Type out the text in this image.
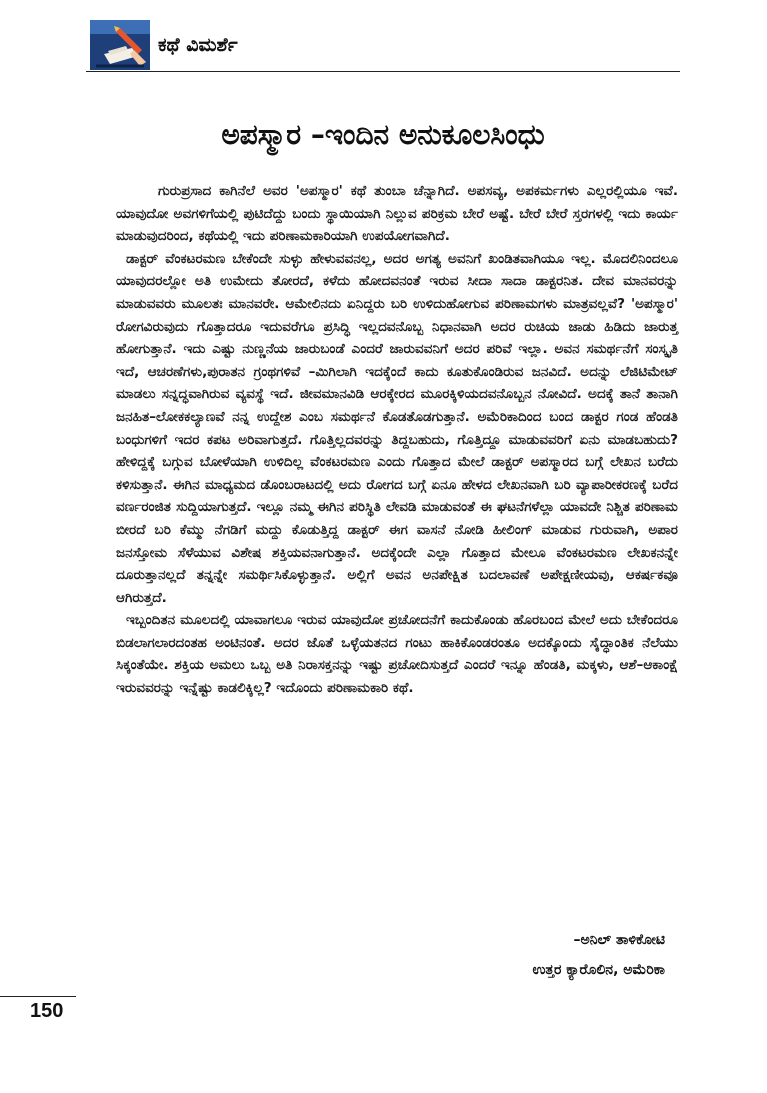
ಕಥೆ ವಿಮರ್ಶೆ
ಅಪಸ್ಮಾರ –ಇಂದಿನ ಅನುಕೂಲಸಿಂಧು

ಗುರುಪ್ರಸಾದ ಕಾಗಿನೆಲೆ ಅವರ 'ಅಪಸ್ಮಾರ' ಕಥೆ ತುಂಬಾ ಚೆನ್ನಾಗಿದೆ. ಅಪಸವ್ಯ, ಅಪಕರ್ಮಗಳು ಎಲ್ಲರಲ್ಲಿಯೂ ಇವೆ. ಯಾವುದೋ ಅವಗಳಿಗೆಯಲ್ಲಿ ಪುಟಿದೆದ್ದು ಬಂದು ಸ್ಥಾಯಿಯಾಗಿ ನಿಲ್ಲುವ ಪರಿಕ್ರಮ ಬೇರೆ ಅಷ್ಟೆ. ಬೇರೆ ಬೇರೆ ಸ್ತರಗಳಲ್ಲಿ ಇದು ಕಾರ್ಯ ಮಾಡುವುದರಿಂದ, ಕಥೆಯಲ್ಲಿ ಇದು ಪರಿಣಾಮಕಾರಿಯಾಗಿ ಉಪಯೋಗವಾಗಿದೆ.

ಡಾಕ್ಟರ್ ವೆಂಕಟರಮಣ ಬೇಕೆಂದೇ ಸುಳ್ಳು ಹೇಳುವವನಲ್ಲ, ಅದರ ಅಗತ್ಯ ಅವನಿಗೆ ಖಂಡಿತವಾಗಿಯೂ ಇಲ್ಲ. ಮೊದಲಿನಿಂದಲೂ ಯಾವುದರಲ್ಲೋ ಅತಿ ಉಮೇದು ತೋರದೆ, ಕಳೆದು ಹೋದವನಂತೆ ಇರುವ ಸೀದಾ ಸಾದಾ ಡಾಕ್ಟರನಿತ. ದೇವ ಮಾನವರನ್ನು ಮಾಡುವವರು ಮೂಲತಃ ಮಾನವರೇ. ಆಮೇಲಿನದು ಏನಿದ್ದರು ಬರಿ ಉಳಿದುಹೋಗುವ ಪರಿಣಾಮಗಳು ಮಾತ್ರವಲ್ಲವೆ? 'ಅಪಸ್ಮಾರ' ರೋಗವಿರುವುದು ಗೊತ್ತಾದರೂ ಇದುವರೆಗೂ ಪ್ರಸಿದ್ಧಿ ಇಲ್ಲದವನೊಬ್ಬ ನಿಧಾನವಾಗಿ ಅದರ ರುಚಿಯ ಜಾಡು ಹಿಡಿದು ಜಾರುತ್ತ ಹೋಗುತ್ತಾನೆ. ಇದು ಎಷ್ಟು ನುಣ್ಣನೆಯ ಜಾರುಬಂಡೆ ಎಂದರೆ ಜಾರುವವನಿಗೆ ಅದರ ಪರಿವೆ ಇಲ್ಲಾ. ಅವನ ಸಮರ್ಥನೆಗೆ ಸಂಸ್ಕೃತಿ ಇದೆ, ಆಚರಣೆಗಳು,ಪುರಾತನ ಗ್ರಂಥಗಳಿವೆ –ಮಿಗಿಲಾಗಿ ಇದಕ್ಕೆಂದೆ ಕಾದು ಕೂತುಕೊಂಡಿರುವ ಜನವಿದೆ. ಅದನ್ನು ಲೆಜಿಟಿಮೇಟ್ ಮಾಡಲು ಸನ್ನದ್ಧವಾಗಿರುವ ವ್ಯವಸ್ಥೆ ಇದೆ. ಜೀವಮಾನವಿಡಿ ಆರಕ್ಕೇರದ ಮೂರಕ್ಕಿಳಿಯದವನೊಬ್ಬನ ನೋವಿದೆ. ಅದಕ್ಕೆ ತಾನೆ ತಾನಾಗಿ ಜನಹಿತ–ಲೋಕಕಲ್ಯಾಣವೆ ನನ್ನ ಉದ್ದೇಶ ಎಂಬ ಸಮರ್ಥನೆ ಕೊಡತೊಡಗುತ್ತಾನೆ. ಅಮೆರಿಕಾದಿಂದ ಬಂದ ಡಾಕ್ಟರ ಗಂಡ ಹೆಂಡತಿ ಬಂಧುಗಳಿಗೆ ಇದರ ಕಪಟ ಅರಿವಾಗುತ್ತದೆ. ಗೊತ್ತಿಲ್ಲದವರನ್ನು ತಿದ್ದಬಹುದು, ಗೊತ್ತಿದ್ದೂ ಮಾಡುವವರಿಗೆ ಏನು ಮಾಡಬಹುದು? ಹೇಳಿದ್ದಕ್ಕೆ ಬಗ್ಗುವ ಬೋಳೆಯಾಗಿ ಉಳಿದಿಲ್ಲ ವೆಂಕಟರಮಣ ಎಂದು ಗೊತ್ತಾದ ಮೇಲೆ ಡಾಕ್ಟರ್ ಅಪಸ್ಮಾರದ ಬಗ್ಗೆ ಲೇಖನ ಬರೆದು ಕಳಿಸುತ್ತಾನೆ. ಈಗಿನ ಮಾಧ್ಯಮದ ಡೊಂಬರಾಟದಲ್ಲಿ ಅದು ರೋಗದ ಬಗ್ಗೆ ಏನೂ ಹೇಳದ ಲೇಖನವಾಗಿ ಬರಿ ವ್ಯಾಪಾರೀಕರಣಕ್ಕೆ ಬರೆದ ವರ್ಣರಂಜಿತ ಸುದ್ದಿಯಾಗುತ್ತದೆ. ಇಲ್ಲೂ ನಮ್ಮ ಈಗಿನ ಪರಿಸ್ಥಿತಿ ಲೇವಡಿ ಮಾಡುವಂತೆ ಈ ಘಟನೆಗಳೆಲ್ಲಾ ಯಾವದೇ ನಿಶ್ಚಿತ ಪರಿಣಾಮ ಬೀರದೆ ಬರಿ ಕೆಮ್ಮು ನೆಗಡಿಗೆ ಮದ್ದು ಕೊಡುತ್ತಿದ್ದ ಡಾಕ್ಟರ್ ಈಗ ವಾಸನೆ ನೋಡಿ ಹೀಲಿಂಗ್ ಮಾಡುವ ಗುರುವಾಗಿ, ಅಪಾರ ಜನಸ್ತೋಮ ಸೆಳೆಯುವ ವಿಶೇಷ ಶಕ್ತಿಯವನಾಗುತ್ತಾನೆ. ಅದಕ್ಕೆಂದೇ ಎಲ್ಲಾ ಗೊತ್ತಾದ ಮೇಲೂ ವೆಂಕಟರಮಣ ಲೇಖಕನನ್ನೇ ದೂರುತ್ತಾನಲ್ಲದೆ ತನ್ನನ್ನೇ ಸಮರ್ಥಿಸಿಕೊಳ್ಳುತ್ತಾನೆ. ಅಲ್ಲಿಗೆ ಅವನ ಅನಪೇಕ್ಷಿತ ಬದಲಾವಣೆ ಅಪೇಕ್ಷಣೀಯವು, ಆಕರ್ಷಕವೂ ಆಗಿರುತ್ತದೆ.

ಇಬ್ಬಂದಿತನ ಮೂಲದಲ್ಲಿ ಯಾವಾಗಲೂ ಇರುವ ಯಾವುದೋ ಪ್ರಚೋದನೆಗೆ ಕಾದುಕೊಂಡು ಹೊರಬಂದ ಮೇಲೆ ಅದು ಬೇಕೆಂದರೂ ಬಿಡಲಾಗಲಾರದಂತಹ ಅಂಟಿನಂತೆ. ಅದರ ಜೊತೆ ಒಳ್ಳೆಯತನದ ಗಂಟು ಹಾಕಿಕೊಂಡರಂತೂ ಅದಕ್ಕೊಂದು ಸೈದ್ಧಾಂತಿಕ ನೆಲೆಯು ಸಿಕ್ಕಂತೆಯೇ. ಶಕ್ತಿಯ ಅಮಲು ಒಬ್ಬ ಅತಿ ನಿರಾಸಕ್ತನನ್ನು ಇಷ್ಟು ಪ್ರಚೋದಿಸುತ್ತದೆ ಎಂದರೆ ಇನ್ನೂ ಹೆಂಡತಿ, ಮಕ್ಕಳು, ಆಶೆ–ಆಕಾಂಕ್ಷೆ ಇರುವವರನ್ನು ಇನ್ನೆಷ್ಟು ಕಾಡಲಿಕ್ಕಿಲ್ಲ? ಇದೊಂದು ಪರಿಣಾಮಕಾರಿ ಕಥೆ.

–ಅನಿಲ್ ತಾಳಿಕೋಟಿ
ಉತ್ತರ ಕ್ಯಾರೊಲಿನ, ಅಮೆರಿಕಾ
150
